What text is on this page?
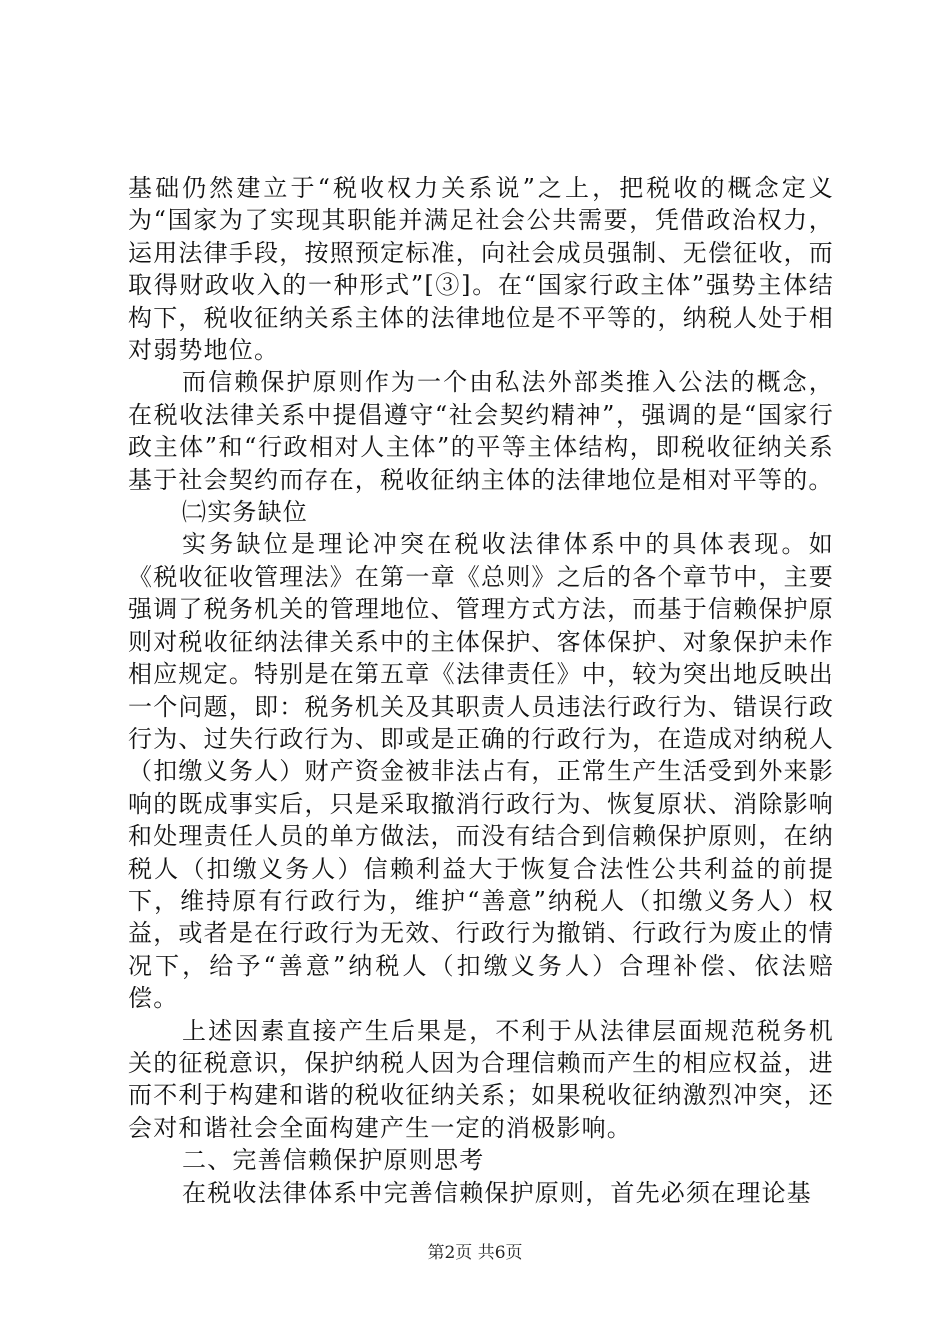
基础仍然建立于“税收权力关系说”之上，把税收的概念定义为“国家为了实现其职能并满足社会公共需要，凭借政治权力，运用法律手段，按照预定标准，向社会成员强制、无偿征收，而取得财政收入的一种形式”[③]。在“国家行政主体”强势主体结构下，税收征纳关系主体的法律地位是不平等的，纳税人处于相对弱势地位。

而信赖保护原则作为一个由私法外部类推入公法的概念，在税收法律关系中提倡遵守“社会契约精神”，强调的是“国家行政主体”和“行政相对人主体”的平等主体结构，即税收征纳关系基于社会契约而存在，税收征纳主体的法律地位是相对平等的。

㈡实务缺位

实务缺位是理论冲突在税收法律体系中的具体表现。如《税收征收管理法》在第一章《总则》之后的各个章节中，主要强调了税务机关的管理地位、管理方式方法，而基于信赖保护原则对税收征纳法律关系中的主体保护、客体保护、对象保护未作相应规定。特别是在第五章《法律责任》中，较为突出地反映出一个问题，即：税务机关及其职责人员违法行政行为、错误行政行为、过失行政行为、即或是正确的行政行为，在造成对纳税人（扣缴义务人）财产资金被非法占有，正常生产生活受到外来影响的既成事实后，只是采取撤消行政行为、恢复原状、消除影响和处理责任人员的单方做法，而没有结合到信赖保护原则，在纳税人（扣缴义务人）信赖利益大于恢复合法性公共利益的前提下，维持原有行政行为，维护“善意”纳税人（扣缴义务人）权益，或者是在行政行为无效、行政行为撤销、行政行为废止的情况下，给予“善意”纳税人（扣缴义务人）合理补偿、依法赔偿。

上述因素直接产生后果是，不利于从法律层面规范税务机关的征税意识，保护纳税人因为合理信赖而产生的相应权益，进而不利于构建和谐的税收征纳关系；如果税收征纳激烈冲突，还会对和谐社会全面构建产生一定的消极影响。

二、完善信赖保护原则思考

在税收法律体系中完善信赖保护原则，首先必须在理论基

第2页 共6页
